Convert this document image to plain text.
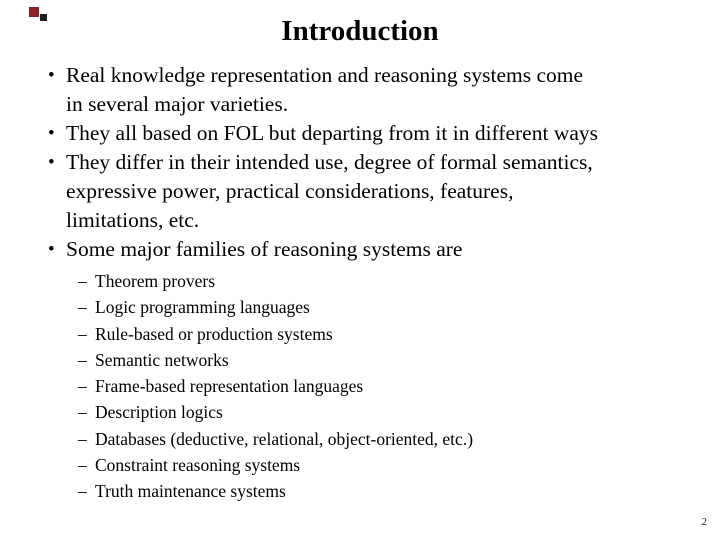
Introduction
• Real knowledge representation and reasoning systems come
in several major varieties.
• They all based on FOL but departing from it in different ways
• They differ in their intended use, degree of formal semantics,
expressive power, practical considerations, features,
limitations, etc.
• Some major families of reasoning systems are
– Theorem provers
– Logic programming languages
– Rule-based or production systems
– Semantic networks
– Frame-based representation languages
– Description logics
– Databases (deductive, relational, object-oriented, etc.)
– Constraint reasoning systems
– Truth maintenance systems
2
